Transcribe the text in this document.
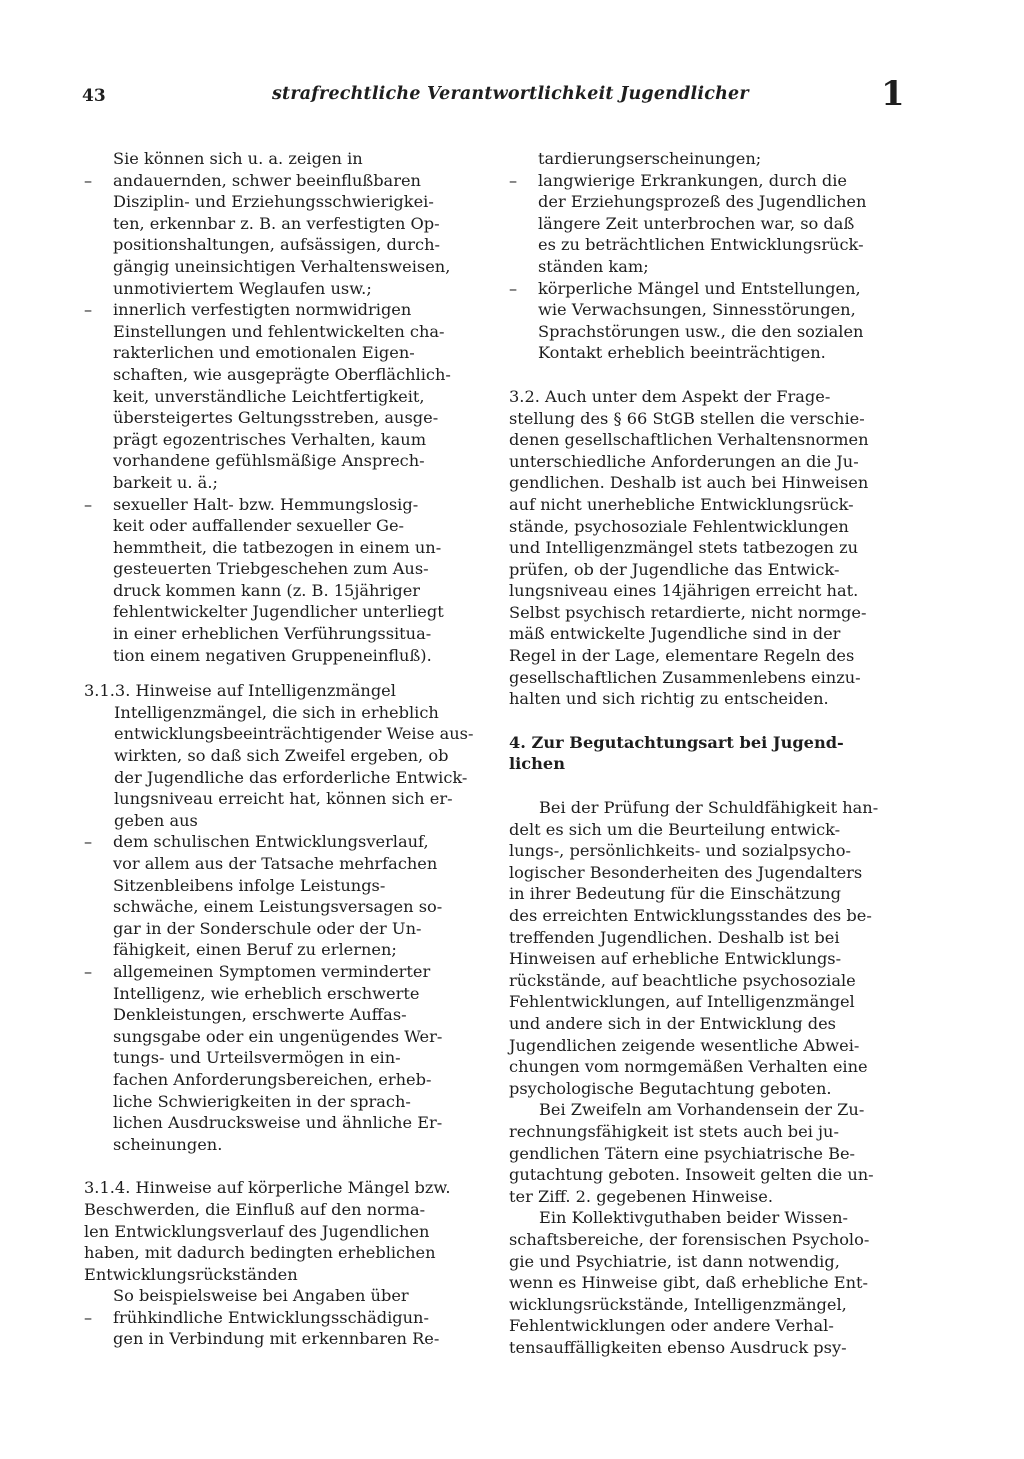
43	strafrechtliche Verantwortlichkeit Jugendlicher	1
Sie können sich u. a. zeigen in
– andauernden, schwer beeinflußbaren
Disziplin- und Erziehungsschwierigkei-
ten, erkennbar z. B. an verfestigten Op-
positionshaltungen, aufsässigen, durch-
gängig uneinsichtigen Verhaltensweisen,
unmotiviertem Weglaufen usw.;
– innerlich verfestigten normwidrigen
Einstellungen und fehlentwickelten cha-
rakterlichen und emotionalen Eigen-
schaften, wie ausgeprägte Oberflächlich-
keit, unverständliche Leichtfertigkeit,
übersteigertes Geltungsstreben, ausge-
prägt egozentrisches Verhalten, kaum
vorhandene gefühlsmäßige Ansprech-
barkeit u. ä.;
– sexueller Halt- bzw. Hemmungslosig-
keit oder auffallender sexueller Ge-
hemmtheit, die tatbezogen in einem un-
gesteuerten Triebgeschehen zum Aus-
druck kommen kann (z. B. 15jähriger
fehlentwickelter Jugendlicher unterliegt
in einer erheblichen Verführungssitua-
tion einem negativen Gruppeneinfluß).
3.1.3. Hinweise auf Intelligenzmängel
Intelligenzmängel, die sich in erheblich
entwicklungsbeeinträchtigender Weise aus-
wirkten, so daß sich Zweifel ergeben, ob
der Jugendliche das erforderliche Entwick-
lungsniveau erreicht hat, können sich er-
geben aus
– dem schulischen Entwicklungsverlauf,
vor allem aus der Tatsache mehrfachen
Sitzenbleibens infolge Leistungs-
schwäche, einem Leistungsversagen so-
gar in der Sonderschule oder der Un-
fähigkeit, einen Beruf zu erlernen;
– allgemeinen Symptomen verminderter
Intelligenz, wie erheblich erschwerte
Denkleistungen, erschwerte Auffas-
sungsgabe oder ein ungenügendes Wer-
tungs- und Urteilsvermögen in ein-
fachen Anforderungsbereichen, erheb-
liche Schwierigkeiten in der sprach-
lichen Ausdrucksweise und ähnliche Er-
scheinungen.
3.1.4. Hinweise auf körperliche Mängel bzw.
Beschwerden, die Einfluß auf den norma-
len Entwicklungsverlauf des Jugendlichen
haben, mit dadurch bedingten erheblichen
Entwicklungsrückständen
So beispielsweise bei Angaben über
– frühkindliche Entwicklungsschädigun-
gen in Verbindung mit erkennbaren Re-
tardierungserscheinungen;
– langwierige Erkrankungen, durch die
der Erziehungsprozeß des Jugendlichen
längere Zeit unterbrochen war, so daß
es zu beträchtlichen Entwicklungsrück-
ständen kam;
– körperliche Mängel und Entstellungen,
wie Verwachsungen, Sinnesstörungen,
Sprachstörungen usw., die den sozialen
Kontakt erheblich beeinträchtigen.
3.2. Auch unter dem Aspekt der Frage-
stellung des § 66 StGB stellen die verschie-
denen gesellschaftlichen Verhaltensnormen
unterschiedliche Anforderungen an die Ju-
gendlichen. Deshalb ist auch bei Hinweisen
auf nicht unerhebliche Entwicklungsrück-
stände, psychosoziale Fehlentwicklungen
und Intelligenzmängel stets tatbezogen zu
prüfen, ob der Jugendliche das Entwick-
lungsniveau eines 14jährigen erreicht hat.
Selbst psychisch retardierte, nicht normge-
mäß entwickelte Jugendliche sind in der
Regel in der Lage, elementare Regeln des
gesellschaftlichen Zusammenlebens einzu-
halten und sich richtig zu entscheiden.
4. Zur Begutachtungsart bei Jugend-
lichen
Bei der Prüfung der Schuldfähigkeit han-
delt es sich um die Beurteilung entwick-
lungs-, persönlichkeits- und sozialpsycho-
logischer Besonderheiten des Jugendalters
in ihrer Bedeutung für die Einschätzung
des erreichten Entwicklungsstandes des be-
treffenden Jugendlichen. Deshalb ist bei
Hinweisen auf erhebliche Entwicklungs-
rückstände, auf beachtliche psychosoziale
Fehlentwicklungen, auf Intelligenzmängel
und andere sich in der Entwicklung des
Jugendlichen zeigende wesentliche Abwei-
chungen vom normgemäßen Verhalten eine
psychologische Begutachtung geboten.
Bei Zweifeln am Vorhandensein der Zu-
rechnungsfähigkeit ist stets auch bei ju-
gendlichen Tätern eine psychiatrische Be-
gutachtung geboten. Insoweit gelten die un-
ter Ziff. 2. gegebenen Hinweise.
Ein Kollektivguthaben beider Wissen-
schaftsbereiche, der forensischen Psycholo-
gie und Psychiatrie, ist dann notwendig,
wenn es Hinweise gibt, daß erhebliche Ent-
wicklungsrückstände, Intelligenzmängel,
Fehlentwicklungen oder andere Verhal-
tensauffälligkeiten ebenso Ausdruck psy-
